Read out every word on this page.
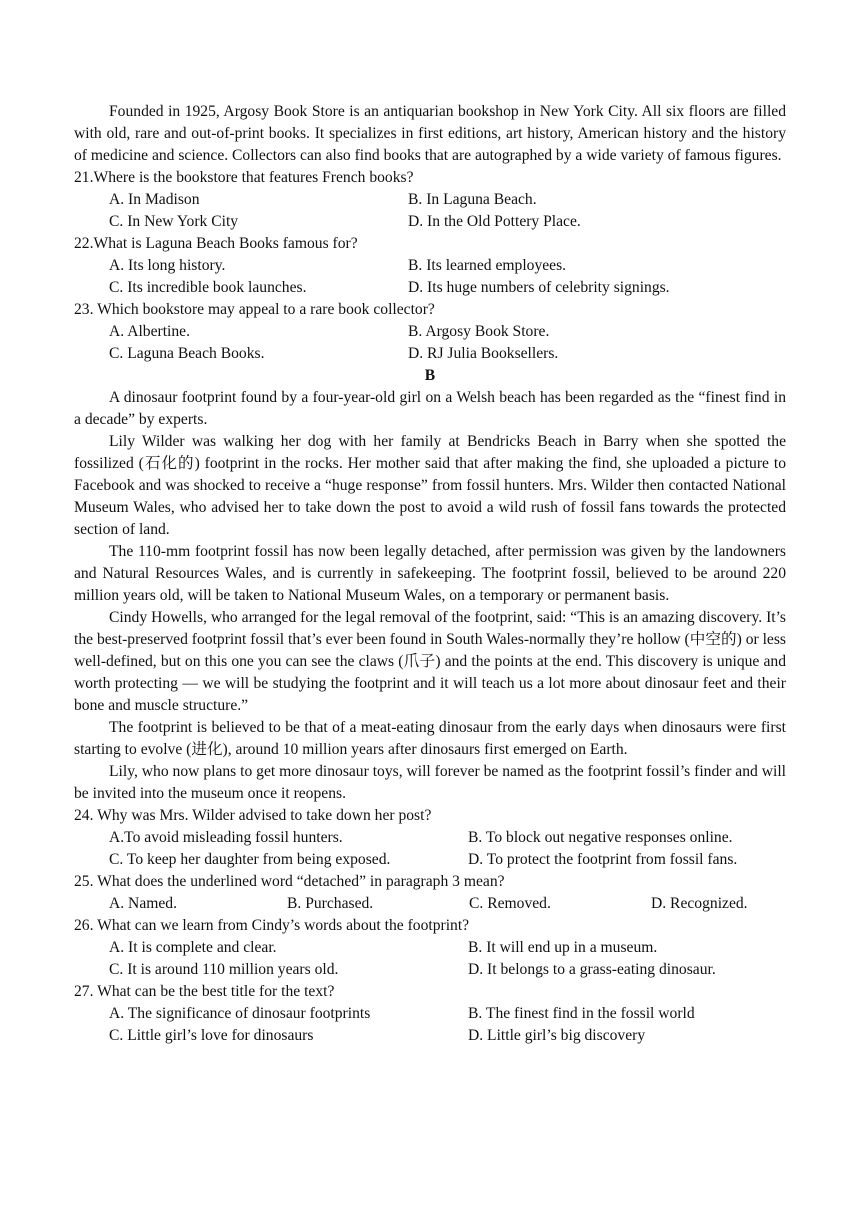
Founded in 1925, Argosy Book Store is an antiquarian bookshop in New York City. All six floors are filled with old, rare and out-of-print books. It specializes in first editions, art history, American history and the history of medicine and science. Collectors can also find books that are autographed by a wide variety of famous figures.

21.Where is the bookstore that features French books?

A. In Madison	B. In Laguna Beach.
C. In New York City	D. In the Old Pottery Place.

22.What is Laguna Beach Books famous for?

A. Its long history.	B. Its learned employees.
C. Its incredible book launches.	D. Its huge numbers of celebrity signings.

23. Which bookstore may appeal to a rare book collector?

A. Albertine.	B. Argosy Book Store.
C. Laguna Beach Books.	D. RJ Julia Booksellers.

B

A dinosaur footprint found by a four-year-old girl on a Welsh beach has been regarded as the “finest find in a decade” by experts.

Lily Wilder was walking her dog with her family at Bendricks Beach in Barry when she spotted the fossilized (石化的) footprint in the rocks. Her mother said that after making the find, she uploaded a picture to Facebook and was shocked to receive a “huge response” from fossil hunters. Mrs. Wilder then contacted National Museum Wales, who advised her to take down the post to avoid a wild rush of fossil fans towards the protected section of land.

The 110-mm footprint fossil has now been legally detached, after permission was given by the landowners and Natural Resources Wales, and is currently in safekeeping. The footprint fossil, believed to be around 220 million years old, will be taken to National Museum Wales, on a temporary or permanent basis.

Cindy Howells, who arranged for the legal removal of the footprint, said: “This is an amazing discovery. It’s the best-preserved footprint fossil that’s ever been found in South Wales-normally they’re hollow (中空的) or less well-defined, but on this one you can see the claws (爪子) and the points at the end. This discovery is unique and worth protecting — we will be studying the footprint and it will teach us a lot more about dinosaur feet and their bone and muscle structure.”

The footprint is believed to be that of a meat-eating dinosaur from the early days when dinosaurs were first starting to evolve (进化), around 10 million years after dinosaurs first emerged on Earth.

Lily, who now plans to get more dinosaur toys, will forever be named as the footprint fossil’s finder and will be invited into the museum once it reopens.

24. Why was Mrs. Wilder advised to take down her post?

A.To avoid misleading fossil hunters.	B. To block out negative responses online.
C. To keep her daughter from being exposed.	D. To protect the footprint from fossil fans.

25. What does the underlined word “detached” in paragraph 3 mean?

A. Named.	B. Purchased.	C. Removed.	D. Recognized.

26. What can we learn from Cindy’s words about the footprint?

A. It is complete and clear.	B. It will end up in a museum.
C. It is around 110 million years old.	D. It belongs to a grass-eating dinosaur.

27. What can be the best title for the text?

A. The significance of dinosaur footprints	B. The finest find in the fossil world
C. Little girl’s love for dinosaurs	D. Little girl’s big discovery
